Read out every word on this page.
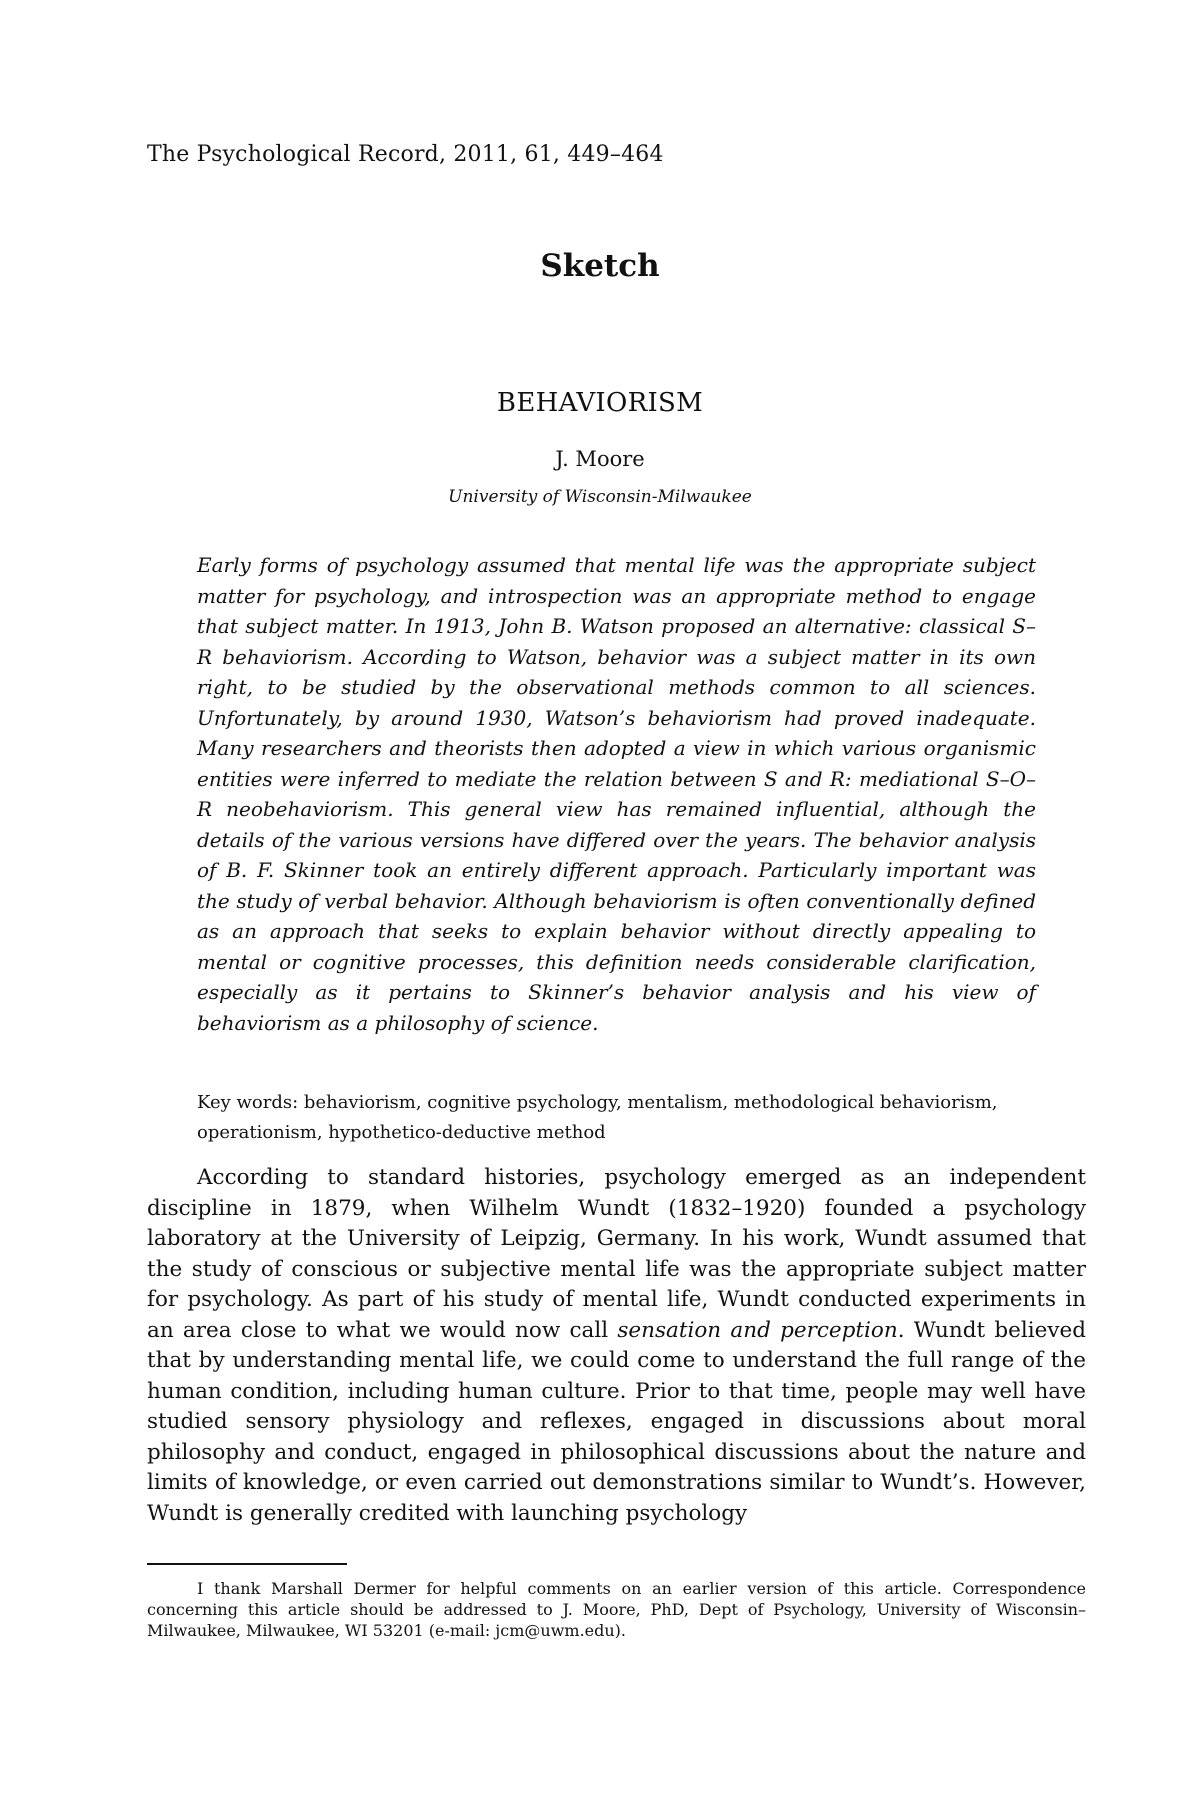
The Psychological Record, 2011, 61, 449–464
Sketch
BEHAVIORISM
J. Moore
University of Wisconsin-Milwaukee

Early forms of psychology assumed that mental life was the appropriate subject matter for psychology, and introspection was an appropriate method to engage that subject matter. In 1913, John B. Watson proposed an alternative: classical S–R behaviorism. According to Watson, behavior was a subject matter in its own right, to be studied by the observational methods common to all sciences. Unfortunately, by around 1930, Watson’s behaviorism had proved inadequate. Many researchers and theorists then adopted a view in which various organismic entities were inferred to mediate the relation between S and R: mediational S–O–R neobehaviorism. This general view has remained influential, although the details of the various versions have differed over the years. The behavior analysis of B. F. Skinner took an entirely different approach. Particularly important was the study of verbal behavior. Although behaviorism is often conventionally defined as an approach that seeks to explain behavior without directly appealing to mental or cognitive processes, this definition needs considerable clarification, especially as it pertains to Skinner’s behavior analysis and his view of behaviorism as a philosophy of science.

Key words: behaviorism, cognitive psychology, mentalism, methodological behaviorism, operationism, hypothetico-deductive method

According to standard histories, psychology emerged as an independent discipline in 1879, when Wilhelm Wundt (1832–1920) founded a psychology laboratory at the University of Leipzig, Germany. In his work, Wundt assumed that the study of conscious or subjective mental life was the appropriate subject matter for psychology. As part of his study of mental life, Wundt conducted experiments in an area close to what we would now call sensation and perception. Wundt believed that by understanding mental life, we could come to understand the full range of the human condition, including human culture. Prior to that time, people may well have studied sensory physiology and reflexes, engaged in discussions about moral philosophy and conduct, engaged in philosophical discussions about the nature and limits of knowledge, or even carried out demonstrations similar to Wundt’s. However, Wundt is generally credited with launching psychology

I thank Marshall Dermer for helpful comments on an earlier version of this article. Correspondence concerning this article should be addressed to J. Moore, PhD, Dept of Psychology, University of Wisconsin–Milwaukee, Milwaukee, WI 53201 (e-mail: jcm@uwm.edu).
